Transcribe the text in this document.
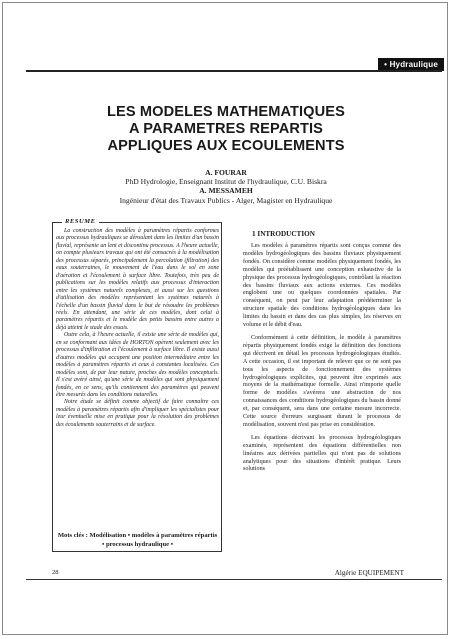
• Hydraulique
LES MODELES MATHEMATIQUES
A PARAMETRES REPARTIS
APPLIQUES AUX ECOULEMENTS
A. FOURAR
PhD Hydrologie, Enseignant Institut de l'hydraulique, C.U. Biskra
A. MESSAMEH
Ingénieur d'état des Travaux Publics - Alger, Magister en Hydraulique
RESUME

La construction des modèles à paramètres répartis conformes aux processus hydrauliques se déroulant dans les limites d'un bassin fluvial, représente un lent et discontinu processus. A l'heure actuelle, on compte plusieurs travaux qui ont été consacrés à la modélisation des processus séparés, principalement la percolation (filtration) des eaux souterraines, le mouvement de l'eau dans le sol en zone d'aération et l'écoulement à surface libre. Toutefois, très peu de publications sur les modèles relatifs aux processus d'interaction entre les systèmes naturels complexes, et aussi sur les questions d'utilisation des modèles représentant les systèmes naturels à l'échelle d'un bassin fluvial dans le but de résoudre les problèmes réels. En attendant, une série de ces modèles, dont celui à paramètres répartis et le modèle des petits bassins entre autres a déjà atteint le stade des essais.

Outre cela, à l'heure actuelle, il existe une série de modèles qui, en se conformant aux idées de HORTON opèrent seulement avec les processus d'infiltration et l'écoulement à surface libre. Il existe aussi d'autres modèles qui occupent une position intermédiaire entre les modèles à paramètres répartis et ceux à constantes localisées. Ces modèles sont, de par leur nature, proches des modèles conceptuels. Il s'est avéré ainsi, qu'une série de modèles qui sont physiquement fondés, en ce sens, qu'ils contiennent des paramètres qui peuvent être mesurés dans les conditions naturelles.

Notre étude se définit comme objectif de faire connaître ces modèles à paramètres répartis afin d'impliquer les spécialistes pour leur éventuelle mise en pratique pour la résolution des problèmes des écoulements souterrains et de surface.

Mots clés : Modélisation • modèles à paramètres répartis • processus hydraulique •
1 INTRODUCTION

Les modèles à paramètres répartis sont conçus comme des modèles hydrogéologiques des bassins fluviaux physiquement fondés. On considère comme modèles physiquement fondés, les modèles qui préétablissent une conception exhaustive de la physique des processus hydrogéologiques, contrôlant la réaction des bassins fluviaux aux actions externes. Ces modèles englobent une ou quelques coordonnées spatiales. Par conséquent, on peut par leur adaptation prédéterminer la structure spatiale des conditions hydrogéologiques dans les limites du bassin et dans des cas plus simples, les réserves en volume et le débit d'eau.

Conformément à cette définition, le modèle à paramètres répartis physiquement fondés exige la définition des fonctions qui décrivent en détail les processus hydrogéologiques étudiés. A cette occasion, il est important de relever que ce ne sont pas tous les aspects de fonctionnement des systèmes hydrogéologiques explicites, qui peuvent être exprimés aux moyens de la mathématique formelle. Ainsi n'importe quelle forme de modèles s'avérera une abstraction de nos connaissances des conditions hydrogéologiques du bassin donné et, par conséquent, sera dans une certaine mesure incorrecte. Cette source d'erreurs surgissant durant le processus de modélisation, souvent n'est pas prise en considération.

Les équations décrivant les processus hydrogéologiques examinés, représentent des équations différentielles non linéaires aux dérivées partielles qui n'ont pas de solutions analytiques pour des situations d'intérêt pratique. Leurs solutions

28	Algérie EQUIPEMENT
